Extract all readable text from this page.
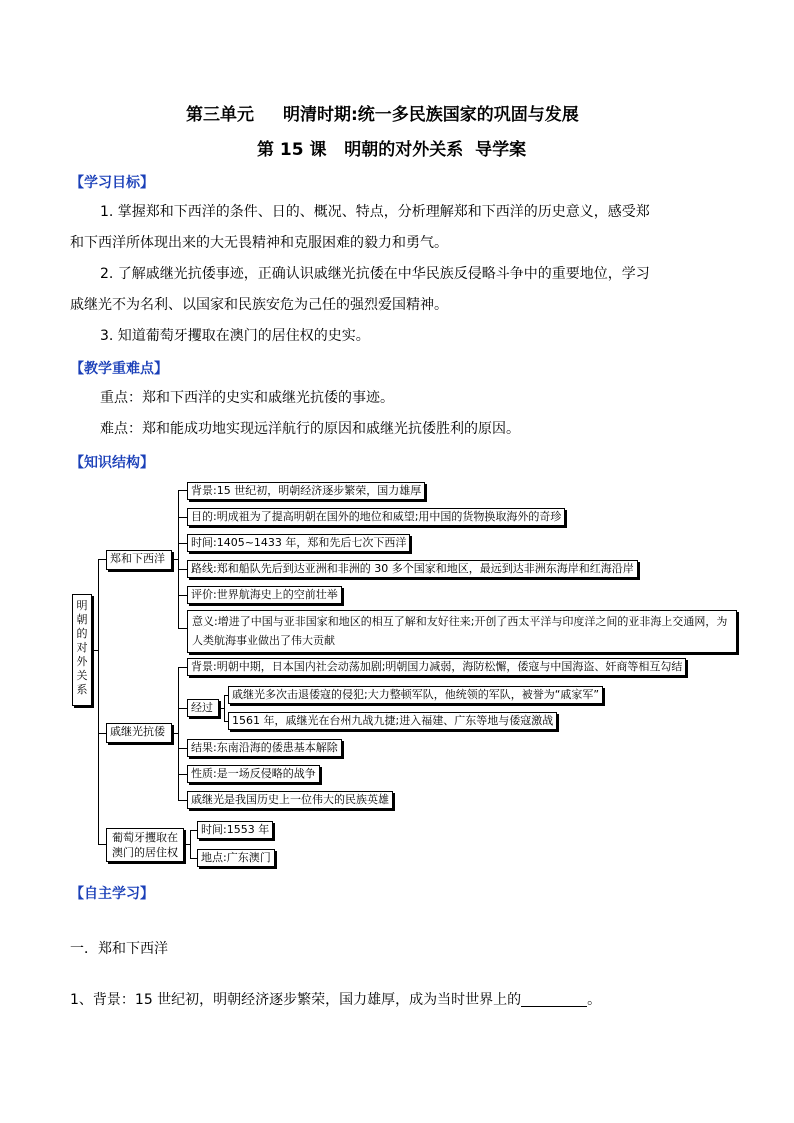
第三单元 明清时期:统一多民族国家的巩固与发展
第 15 课   明朝的对外关系  导学案
【学习目标】
1. 掌握郑和下西洋的条件、日的、概况、特点，分析理解郑和下西洋的历史意义，感受郑
和下西洋所体现出来的大无畏精神和克服困难的毅力和勇气。
2. 了解戚继光抗倭事迹，正确认识戚继光抗倭在中华民族反侵略斗争中的重要地位，学习
戚继光不为名利、以国家和民族安危为己任的强烈爱国精神。
3. 知道葡萄牙攫取在澳门的居住权的史实。
【教学重难点】
重点：郑和下西洋的史实和戚继光抗倭的事迹。
难点：郑和能成功地实现远洋航行的原因和戚继光抗倭胜利的原因。
【知识结构】
明朝的对外关系
郑和下西洋
戚继光抗倭
葡萄牙攫取在澳门的居住权
背景:15 世纪初，明朝经济逐步繁荣，国力雄厚
目的:明成祖为了提高明朝在国外的地位和威望;用中国的货物换取海外的奇珍
时间:1405~1433 年，郑和先后七次下西洋
路线:郑和船队先后到达亚洲和非洲的 30 多个国家和地区，最远到达非洲东海岸和红海沿岸
评价:世界航海史上的空前壮举
意义:增进了中国与亚非国家和地区的相互了解和友好往来;开创了西太平洋与印度洋之间的亚非海上交通网，为人类航海事业做出了伟大贡献
背景:明朝中期，日本国内社会动荡加剧;明朝国力减弱，海防松懈，倭寇与中国海盗、奸商等相互勾结
经过
戚继光多次击退倭寇的侵犯;大力整顿军队，他统领的军队，被誉为“戚家军”
1561 年，戚继光在台州九战九捷;进入福建、广东等地与倭寇激战
结果:东南沿海的倭患基本解除
性质:是一场反侵略的战争
戚继光是我国历史上一位伟大的民族英雄
时间:1553 年
地点:广东澳门
【自主学习】
一．郑和下西洋
1、背景：15 世纪初，明朝经济逐步繁荣，国力雄厚，成为当时世界上的	。
